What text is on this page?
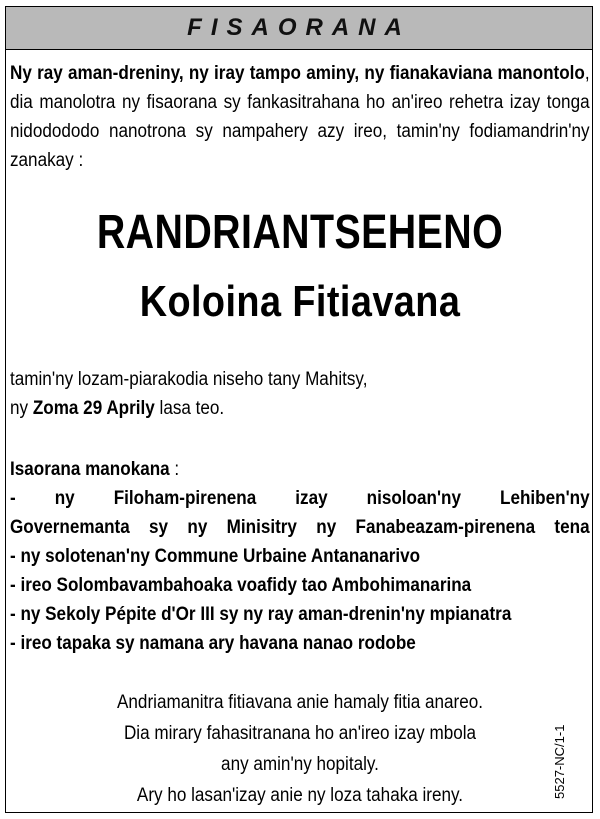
FISAORANA
Ny ray aman-dreniny, ny iray tampo aminy, ny fianakaviana manontolo, dia manolotra ny fisaorana sy fankasitrahana ho an'ireo rehetra izay tonga nidodododo nanotrona sy nampahery azy ireo, tamin'ny fodiamandrin'ny zanakay :
RANDRIANTSEHENO
Koloina Fitiavana
tamin'ny lozam-piarakodia niseho tany Mahitsy,
ny Zoma 29 Aprily lasa teo.
Isaorana manokana :
- ny Filoham-pirenena izay nisoloan'ny Lehiben'ny
Governemanta sy ny Minisitry ny Fanabeazam-pirenena tena
- ny solotenan'ny Commune Urbaine Antananarivo
- ireo Solombavambahoaka voafidy tao Ambohimanarina
- ny Sekoly Pépite d'Or III sy ny ray aman-drenin'ny mpianatra
- ireo tapaka sy namana ary havana nanao rodobe
Andriamanitra fitiavana anie hamaly fitia anareo.
Dia mirary fahasitranana ho an'ireo izay mbola
any amin'ny hopitaly.
Ary ho lasan'izay anie ny loza tahaka ireny.	5527-NC/1-1
